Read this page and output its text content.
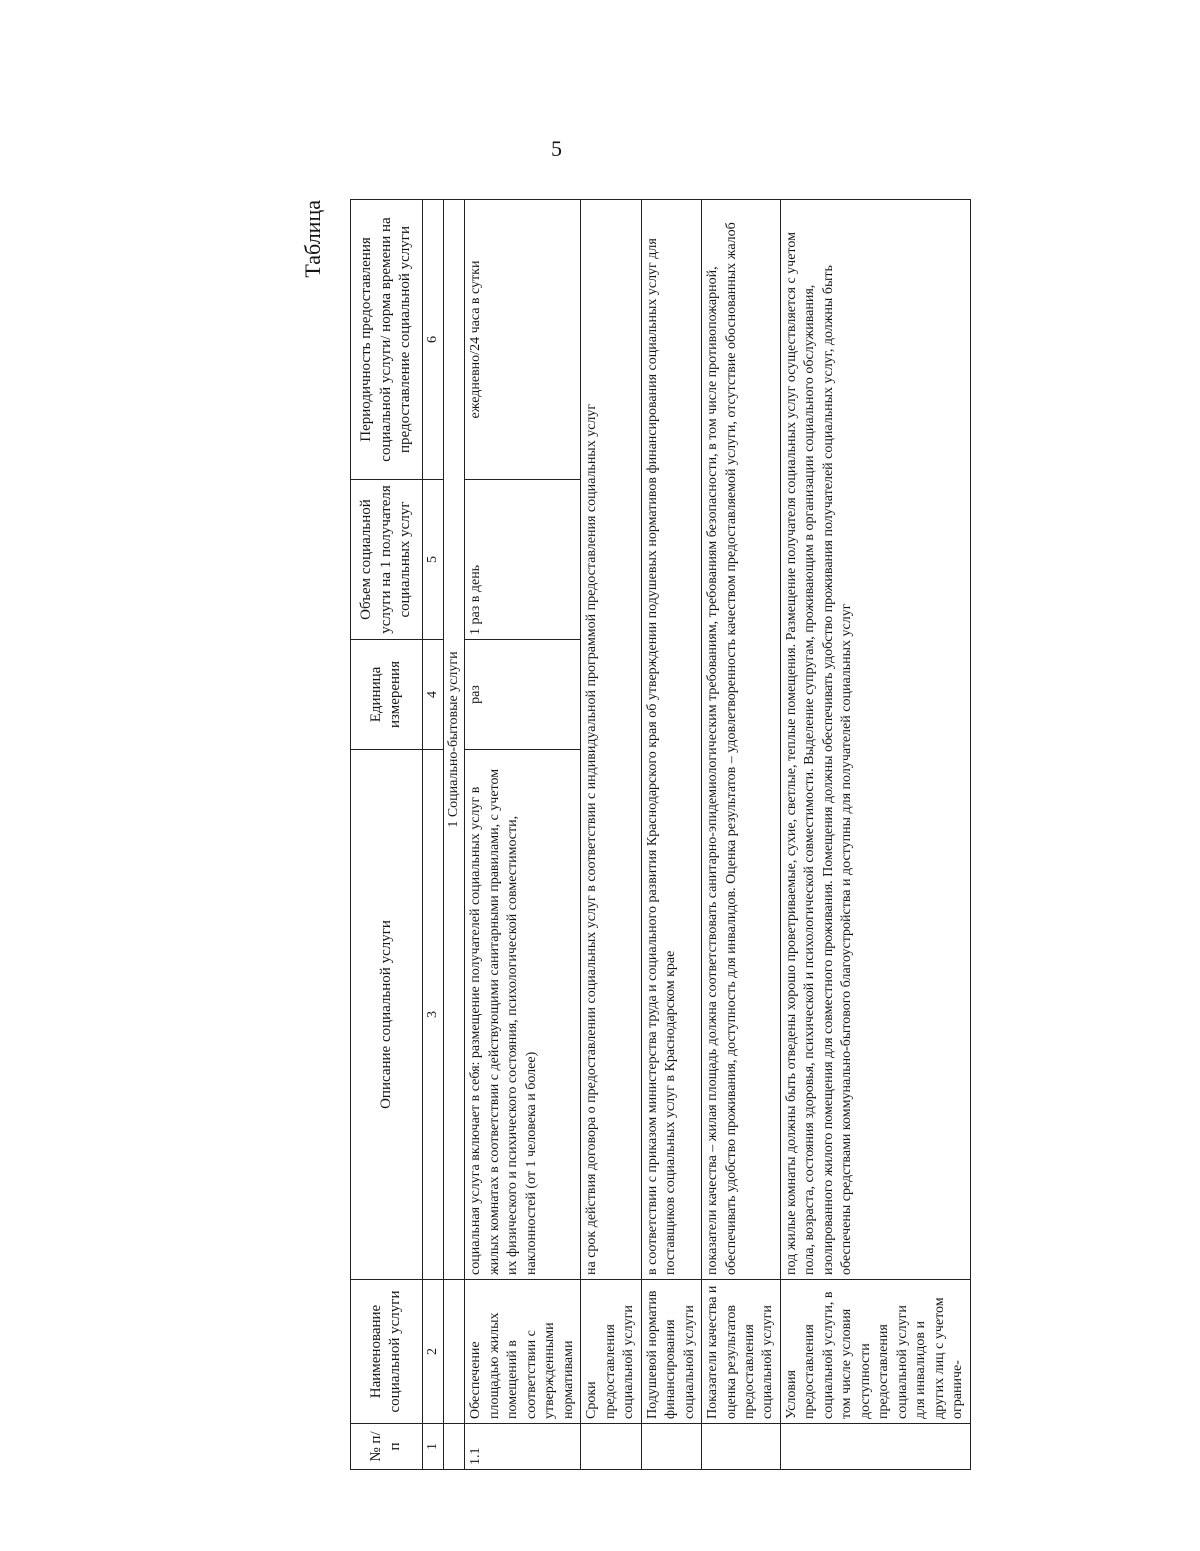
5
Таблица
№ п/п	Наименование социальной услуги	Описание социальной услуги	Единица измерения	Объем социальной услуги на 1 получателя социальных услуг	Периодичность предоставления социальной услуги/ норма времени на предоставление социальной услуги
1	2	3	4	5	6
		1 Социально-бытовые услуги			
1.1	Обеспечение площадью жилых помещений в соответствии с утвержденными нормативами	социальная услуга включает в себя: размещение получателей социальных услуг в жилых комнатах в соответствии с действующими санитарными правилами, с учетом их физического и психического состояния, психологической совместимости, наклонностей (от 1 человека и более)	раз	1 раз в день	ежедневно/24 часа в сутки
	Сроки предоставления социальной услуги	на срок действия договора о предоставлении социальных услуг в соответствии с индивидуальной программой предоставления социальных услуг			
	Подушевой норматив финансирования социальной услуги	в соответствии с приказом министерства труда и социального развития Краснодарского края об утверждении подушевых нормативов финансирования социальных услуг для поставщиков социальных услуг в Краснодарском крае			
	Показатели качества и оценка результатов предоставления социальной услуги	показатели качества – жилая площадь должна соответствовать санитарно-эпидемиологическим требованиям, требованиям безопасности, в том числе противопожарной, обеспечивать удобство проживания, доступность для инвалидов. Оценка результатов – удовлетворенность качеством предоставляемой услуги, отсутствие обоснованных жалоб			
	Условия предоставления социальной услуги, в том числе условия доступности предоставления социальной услуги для инвалидов и других лиц с учетом ограниче-	под жилые комнаты должны быть отведены хорошо проветриваемые, сухие, светлые, теплые помещения. Размещение получателя социальных услуг осуществляется с учетом пола, возраста, состояния здоровья, психической и психологической совместимости. Выделение супругам, проживающим в организации социального обслуживания, изолированного жилого помещения для совместного проживания. Помещения должны обеспечивать удобство проживания получателей социальных услуг, должны быть обеспечены средствами коммунально-бытового благоустройства и доступны для получателей социальных услуг			
